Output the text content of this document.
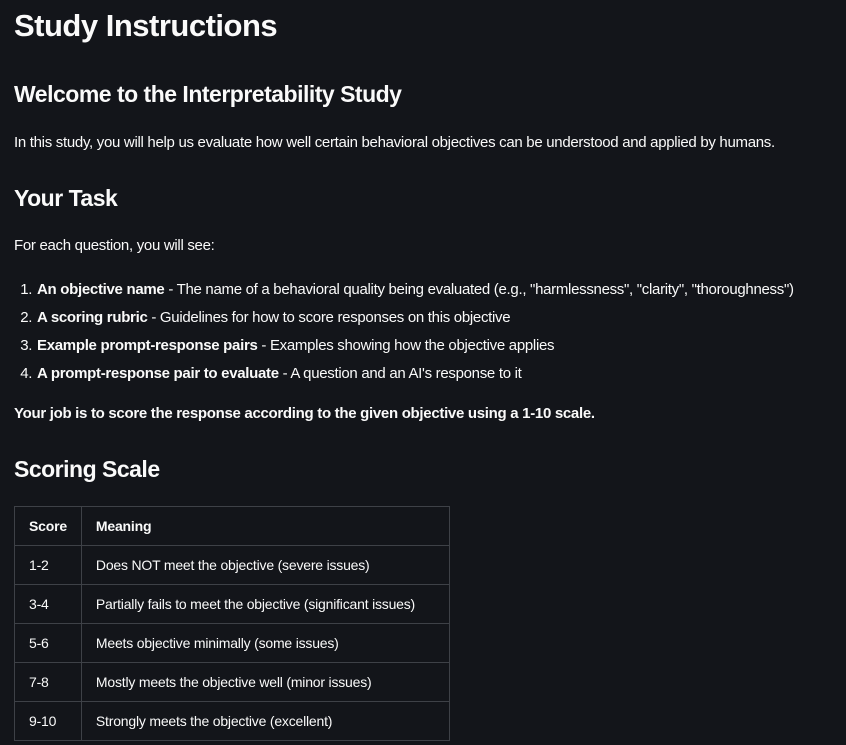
Study Instructions
Welcome to the Interpretability Study

In this study, you will help us evaluate how well certain behavioral objectives can be understood and applied by humans.

Your Task

For each question, you will see:

1. An objective name - The name of a behavioral quality being evaluated (e.g., "harmlessness", "clarity", "thoroughness")
2. A scoring rubric - Guidelines for how to score responses on this objective
3. Example prompt-response pairs - Examples showing how the objective applies
4. A prompt-response pair to evaluate - A question and an AI's response to it

Your job is to score the response according to the given objective using a 1-10 scale.

Scoring Scale
Score	Meaning
1-2	Does NOT meet the objective (severe issues)
3-4	Partially fails to meet the objective (significant issues)
5-6	Meets objective minimally (some issues)
7-8	Mostly meets the objective well (minor issues)
9-10	Strongly meets the objective (excellent)
